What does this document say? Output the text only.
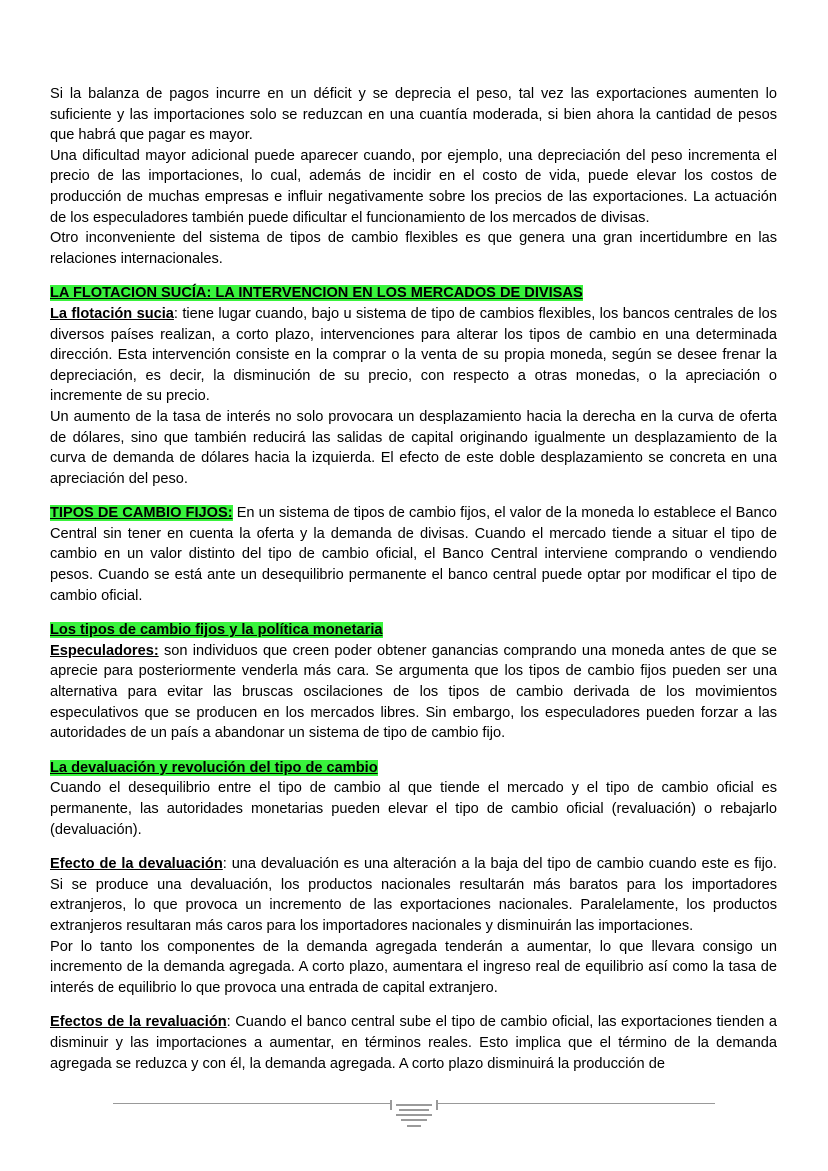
Si la balanza de pagos incurre en un déficit y se deprecia el peso, tal vez las exportaciones aumenten lo suficiente y las importaciones solo se reduzcan en una cuantía moderada, si bien ahora la cantidad de pesos que habrá que pagar es mayor.

Una dificultad mayor adicional puede aparecer cuando, por ejemplo, una depreciación del peso incrementa el precio de las importaciones, lo cual, además de incidir en el costo de vida, puede elevar los costos de producción de muchas empresas e influir negativamente sobre los precios de las exportaciones. La actuación de los especuladores también puede dificultar el funcionamiento de los mercados de divisas.

Otro inconveniente del sistema de tipos de cambio flexibles es que genera una gran incertidumbre en las relaciones internacionales.

LA FLOTACION SUCÍA: LA INTERVENCION EN LOS MERCADOS DE DIVISAS

La flotación sucia: tiene lugar cuando, bajo u sistema de tipo de cambios flexibles, los bancos centrales de los diversos países realizan, a corto plazo, intervenciones para alterar los tipos de cambio en una determinada dirección. Esta intervención consiste en la comprar o la venta de su propia moneda, según se desee frenar la depreciación, es decir, la disminución de su precio, con respecto a otras monedas, o la apreciación o incremente de su precio.

Un aumento de la tasa de interés no solo provocara un desplazamiento hacia la derecha en la curva de oferta de dólares, sino que también reducirá las salidas de capital originando igualmente un desplazamiento de la curva de demanda de dólares hacia la izquierda. El efecto de este doble desplazamiento se concreta en una apreciación del peso.

TIPOS DE CAMBIO FIJOS: En un sistema de tipos de cambio fijos, el valor de la moneda lo establece el Banco Central sin tener en cuenta la oferta y la demanda de divisas. Cuando el mercado tiende a situar el tipo de cambio en un valor distinto del tipo de cambio oficial, el Banco Central interviene comprando o vendiendo pesos. Cuando se está ante un desequilibrio permanente el banco central puede optar por modificar el tipo de cambio oficial.

Los tipos de cambio fijos y la política monetaria

Especuladores: son individuos que creen poder obtener ganancias comprando una moneda antes de que se aprecie para posteriormente venderla más cara. Se argumenta que los tipos de cambio fijos pueden ser una alternativa para evitar las bruscas oscilaciones de los tipos de cambio derivada de los movimientos especulativos que se producen en los mercados libres. Sin embargo, los especuladores pueden forzar a las autoridades de un país a abandonar un sistema de tipo de cambio fijo.

La devaluación y revolución del tipo de cambio

Cuando el desequilibrio entre el tipo de cambio al que tiende el mercado y el tipo de cambio oficial es permanente, las autoridades monetarias pueden elevar el tipo de cambio oficial (revaluación) o rebajarlo (devaluación).

Efecto de la devaluación: una devaluación es una alteración a la baja del tipo de cambio cuando este es fijo. Si se produce una devaluación, los productos nacionales resultarán más baratos para los importadores extranjeros, lo que provoca un incremento de las exportaciones nacionales. Paralelamente, los productos extranjeros resultaran más caros para los importadores nacionales y disminuirán las importaciones.

Por lo tanto los componentes de la demanda agregada tenderán a aumentar, lo que llevara consigo un incremento de la demanda agregada. A corto plazo, aumentara el ingreso real de equilibrio así como la tasa de interés de equilibrio lo que provoca una entrada de capital extranjero.

Efectos de la revaluación: Cuando el banco central sube el tipo de cambio oficial, las exportaciones tienden a disminuir y las importaciones a aumentar, en términos reales. Esto implica que el término de la demanda agregada se reduzca y con él, la demanda agregada. A corto plazo disminuirá la producción de
